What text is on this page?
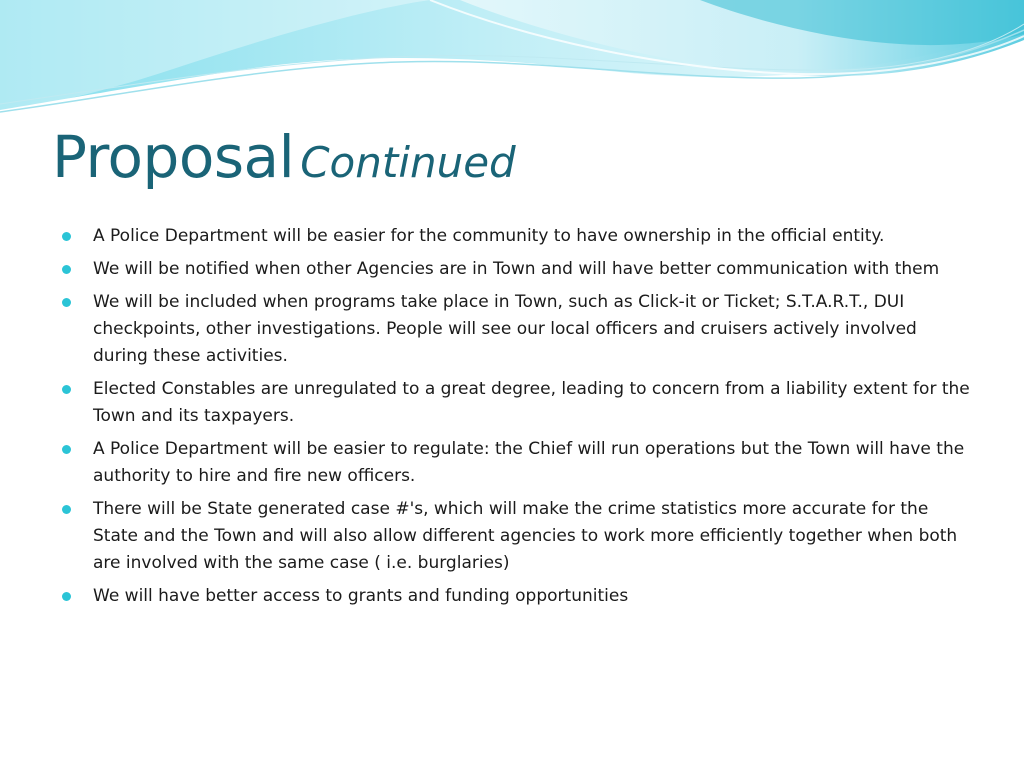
Proposal Continued
A Police Department will be easier for the community to have ownership in the official entity.
We will be notified when other Agencies are in Town and will have better communication with them
We will be included when programs take place in Town, such as Click-it or Ticket; S.T.A.R.T., DUI checkpoints, other investigations. People will see our local officers and cruisers actively involved during these activities.
Elected Constables are unregulated to a great degree, leading to concern from a liability extent for the Town and its taxpayers.
A Police Department will be easier to regulate: the Chief will run operations but the Town will have the authority to hire and fire new officers.
There will be State generated case #'s, which will make the crime statistics more accurate for the State and the Town and will also allow different agencies to work more efficiently together when both are involved with the same case ( i.e. burglaries)
We will have better access to grants and funding opportunities
